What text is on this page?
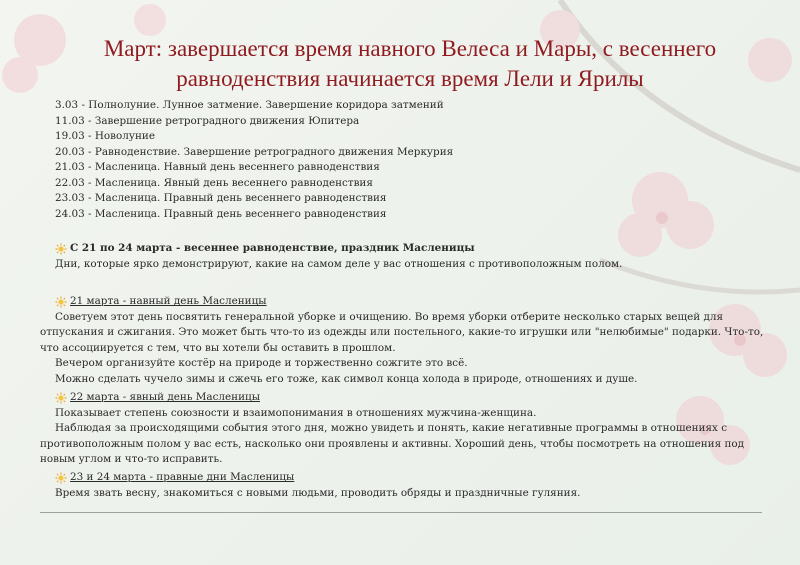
Март: завершается время навного Велеса и Мары, с весеннего равноденствия начинается время Лели и Ярилы
3.03 - Полнолуние. Лунное затмение. Завершение коридора затмений
11.03 - Завершение ретроградного движения Юпитера
19.03 - Новолуние
20.03 - Равноденствие. Завершение ретроградного движения Меркурия
21.03 - Масленица. Навный день весеннего равноденствия
22.03 - Масленица. Явный день весеннего равноденствия
23.03 - Масленица. Правный день весеннего равноденствия
24.03 - Масленица. Правный день весеннего равноденствия
С 21 по 24 марта - весеннее равноденствие, праздник Масленицы

Дни, которые ярко демонстрируют, какие на самом деле у вас отношения с противоположным полом.

21 марта - навный день Масленицы

Советуем этот день посвятить генеральной уборке и очищению. Во время уборки отберите несколько старых вещей для отпускания и сжигания. Это может быть что-то из одежды или постельного, какие-то игрушки или "нелюбимые" подарки. Что-то, что ассоциируется с тем, что вы хотели бы оставить в прошлом.

Вечером организуйте костёр на природе и торжественно сожгите это всё.

Можно сделать чучело зимы и сжечь его тоже, как символ конца холода в природе, отношениях и душе.

22 марта - явный день Масленицы

Показывает степень союзности и взаимопонимания в отношениях мужчина-женщина.

Наблюдая за происходящими события этого дня, можно увидеть и понять, какие негативные программы в отношениях с противоположным полом у вас есть, насколько они проявлены и активны. Хороший день, чтобы посмотреть на отношения под новым углом и что-то исправить.

23 и 24 марта - правные дни Масленицы

Время звать весну, знакомиться с новыми людьми, проводить обряды и праздничные гуляния.
